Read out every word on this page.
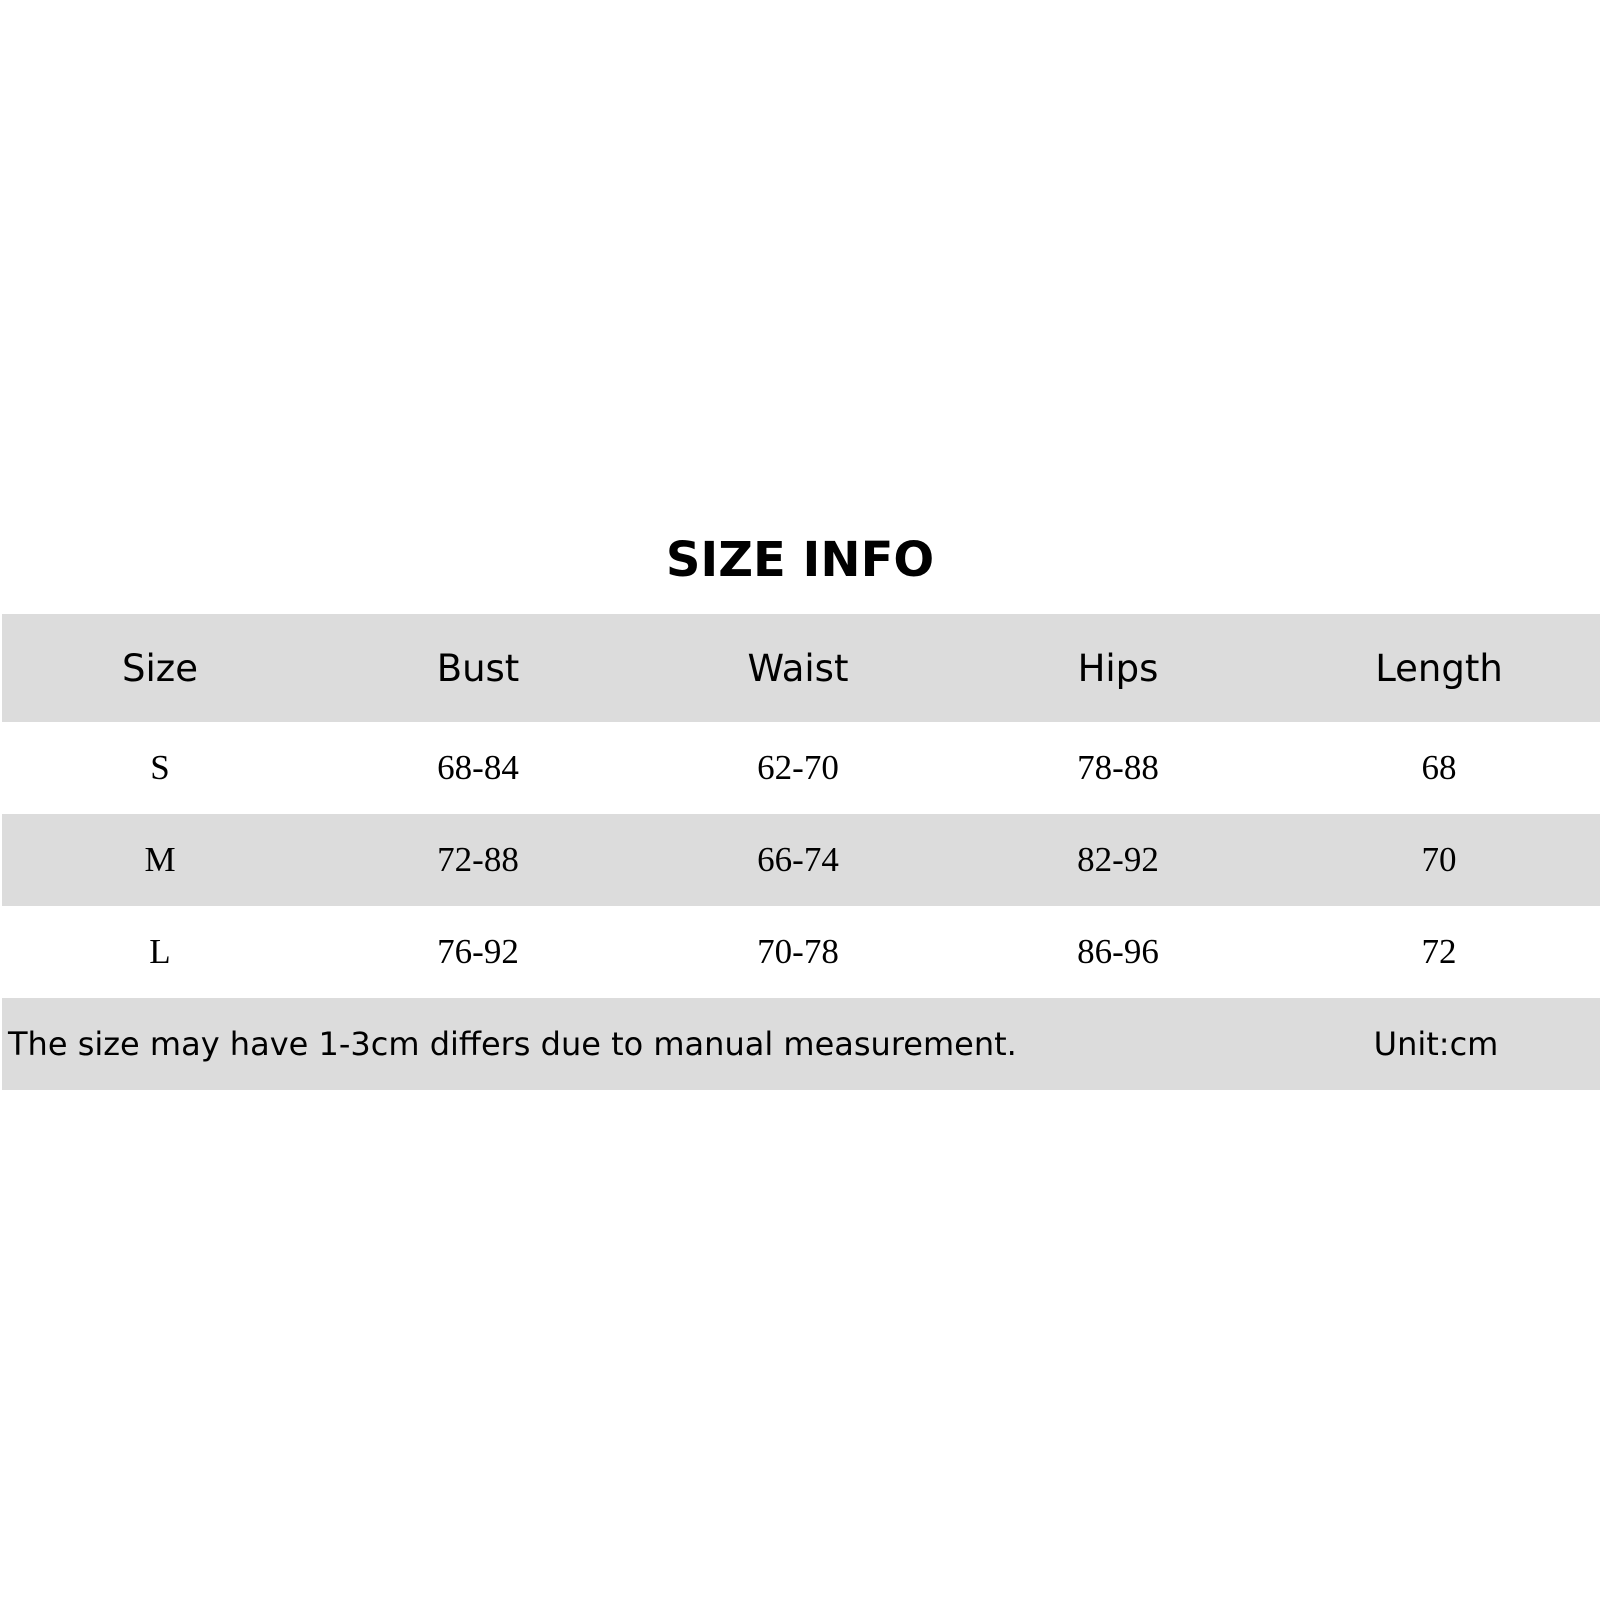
SIZE INFO
Size	Bust	Waist	Hips	Length
S	68-84	62-70	78-88	68
M	72-88	66-74	82-92	70
L	76-92	70-78	86-96	72
The size may have 1-3cm differs due to manual measurement.	Unit:cm
